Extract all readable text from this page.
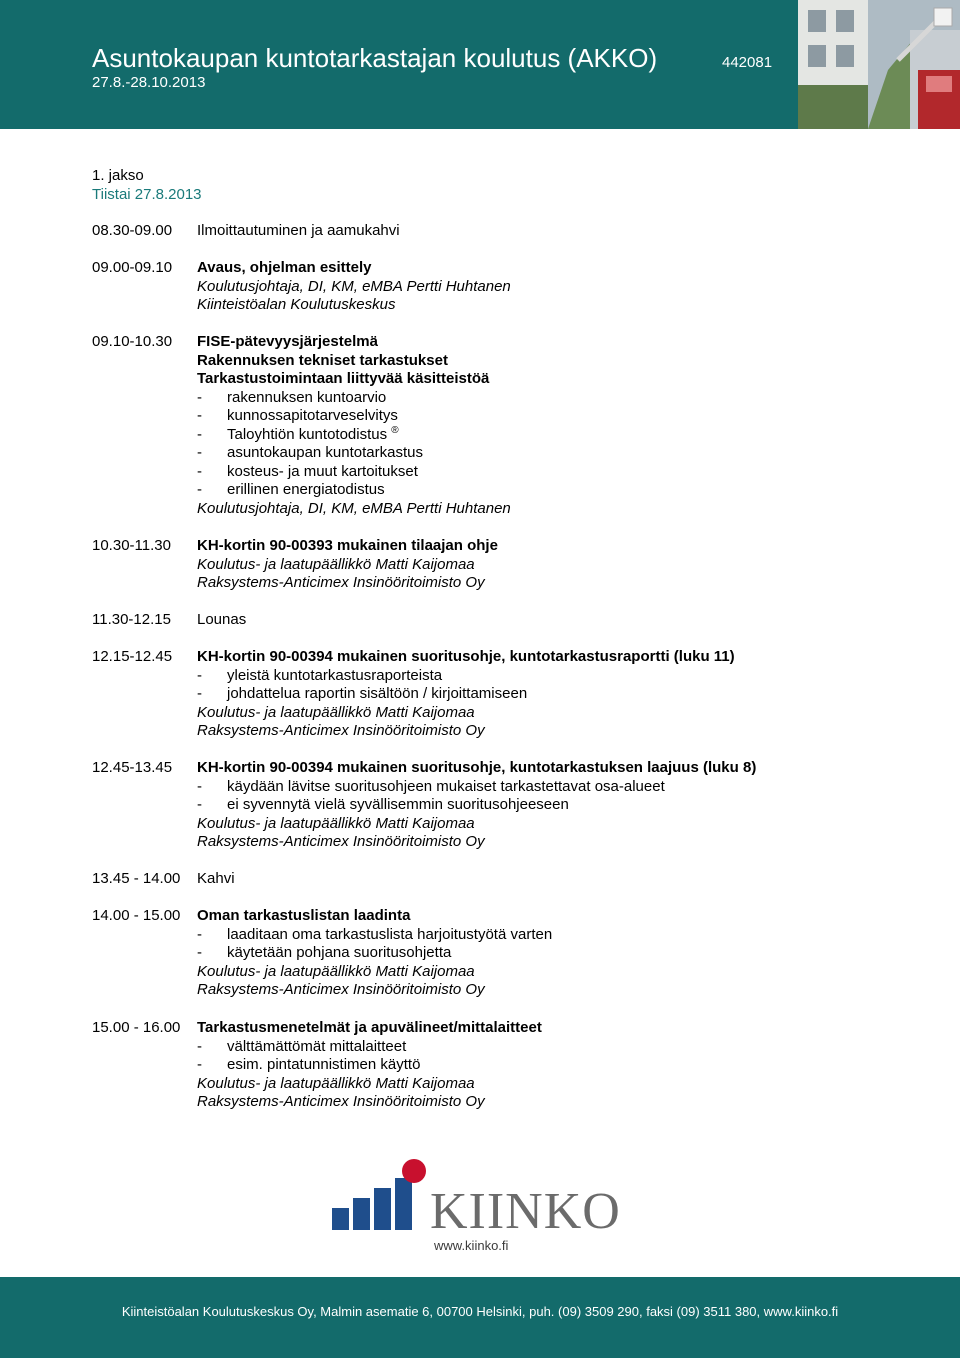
Asuntokaupan kuntotarkastajan koulutus (AKKO)	442081
27.8.-28.10.2013
1. jakso
Tiistai 27.8.2013
08.30-09.00 Ilmoittautuminen ja aamukahvi
09.00-09.10 Avaus, ohjelman esittely
Koulutusjohtaja, DI, KM, eMBA Pertti Huhtanen
Kiinteistöalan Koulutuskeskus
09.10-10.30 FISE-pätevyysjärjestelmä
Rakennuksen tekniset tarkastukset
Tarkastustoimintaan liittyvää käsitteistöä
- rakennuksen kuntoarvio
- kunnossapitotarveselvitys
- Taloyhtiön kuntotodistus ®
- asuntokaupan kuntotarkastus
- kosteus- ja muut kartoitukset
- erillinen energiatodistus
Koulutusjohtaja, DI, KM, eMBA Pertti Huhtanen
10.30-11.30 KH-kortin 90-00393 mukainen tilaajan ohje
Koulutus- ja laatupäällikkö Matti Kaijomaa
Raksystems-Anticimex Insinööritoimisto Oy
11.30-12.15 Lounas
12.15-12.45 KH-kortin 90-00394 mukainen suoritusohje, kuntotarkastusraportti (luku 11)
- yleistä kuntotarkastusraporteista
- johdattelua raportin sisältöön / kirjoittamiseen
Koulutus- ja laatupäällikkö Matti Kaijomaa
Raksystems-Anticimex Insinööritoimisto Oy
12.45-13.45 KH-kortin 90-00394 mukainen suoritusohje, kuntotarkastuksen laajuus (luku 8)
- käydään lävitse suoritusohjeen mukaiset tarkastettavat osa-alueet
- ei syvennytä vielä syvällisemmin suoritusohjeeseen
Koulutus- ja laatupäällikkö Matti Kaijomaa
Raksystems-Anticimex Insinööritoimisto Oy
13.45 - 14.00 Kahvi
14.00 - 15.00 Oman tarkastuslistan laadinta
- laaditaan oma tarkastuslista harjoitustyötä varten
- käytetään pohjana suoritusohjetta
Koulutus- ja laatupäällikkö Matti Kaijomaa
Raksystems-Anticimex Insinööritoimisto Oy
15.00 - 16.00 Tarkastusmenetelmät ja apuvälineet/mittalaitteet
- välttämättömät mittalaitteet
- esim. pintatunnistimen käyttö
Koulutus- ja laatupäällikkö Matti Kaijomaa
Raksystems-Anticimex Insinööritoimisto Oy
KIINKO
www.kiinko.fi
Kiinteistöalan Koulutuskeskus Oy, Malmin asematie 6, 00700 Helsinki, puh. (09) 3509 290, faksi (09) 3511 380, www.kiinko.fi
